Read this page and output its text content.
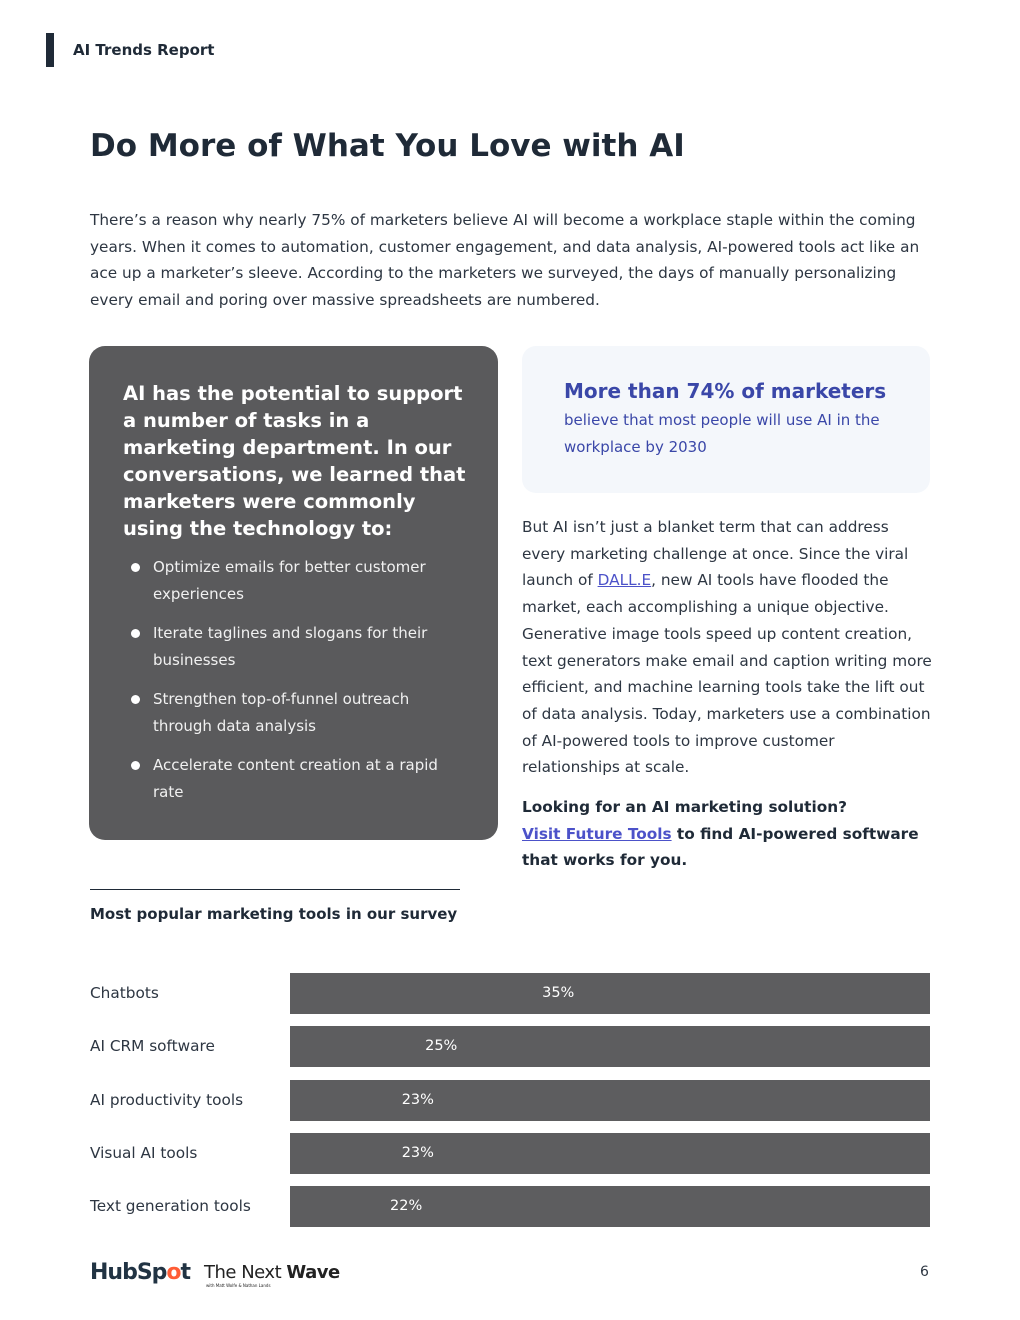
AI Trends Report
Do More of What You Love with AI

There’s a reason why nearly 75% of marketers believe AI will become a workplace staple within the coming years. When it comes to automation, customer engagement, and data analysis, AI-powered tools act like an ace up a marketer’s sleeve. According to the marketers we surveyed, the days of manually personalizing every email and poring over massive spreadsheets are numbered.

AI has the potential to support a number of tasks in a marketing department. In our conversations, we learned that marketers were commonly using the technology to:
Optimize emails for better customer experiences
Iterate taglines and slogans for their businesses
Strengthen top-of-funnel outreach through data analysis
Accelerate content creation at a rapid rate
More than 74% of marketers
believe that most people will use AI in the workplace by 2030

But AI isn’t just a blanket term that can address every marketing challenge at once. Since the viral launch of DALL.E, new AI tools have flooded the market, each accomplishing a unique objective. Generative image tools speed up content creation, text generators make email and caption writing more efficient, and machine learning tools take the lift out of data analysis. Today, marketers use a combination of AI-powered tools to improve customer relationships at scale.

Looking for an AI marketing solution?
Visit Future Tools to find AI-powered software that works for you.
Most popular marketing tools in our survey
HubSpot The Next Wave
with Matt Wolfe & Nathan Lands
6
Chatbots	35%
AI CRM software	25%
AI productivity tools	23%
Visual AI tools	23%
Text generation tools	22%
